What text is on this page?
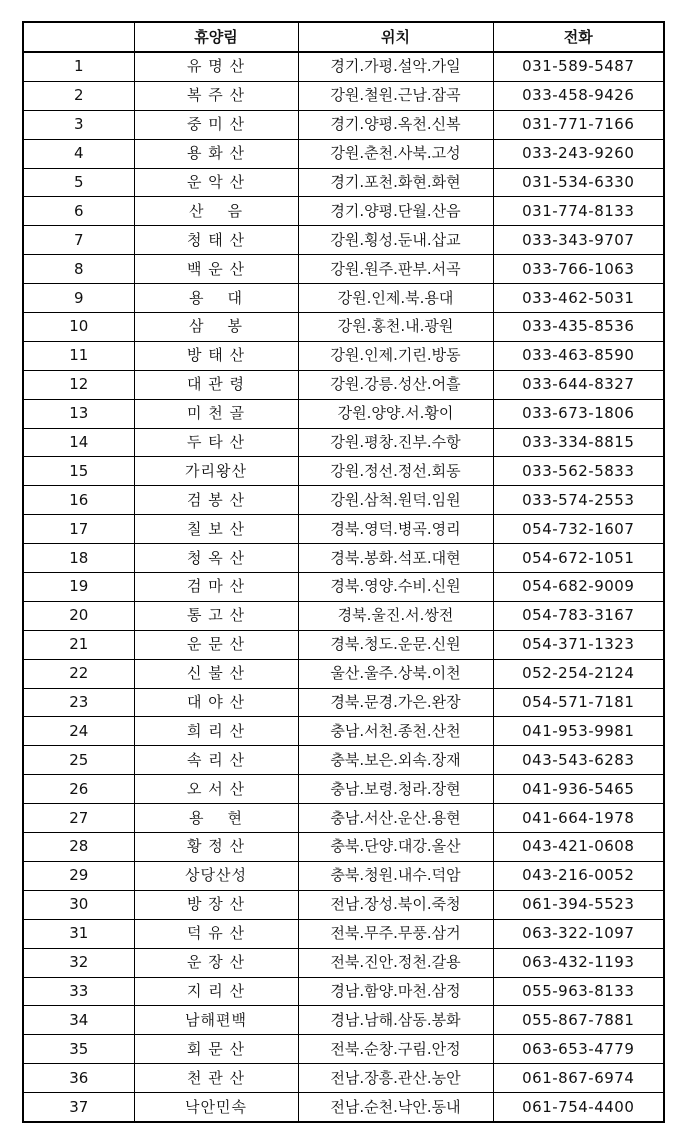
	휴양림	위치	전화
1	유 명 산	경기.가평.설악.가일	031-589-5487
2	복 주 산	강원.철원.근남.잠곡	033-458-9426
3	중 미 산	경기.양평.옥천.신복	031-771-7166
4	용 화 산	강원.춘천.사북.고성	033-243-9260
5	운 악 산	경기.포천.화현.화현	031-534-6330
6	산    음	경기.양평.단월.산음	031-774-8133
7	청 태 산	강원.횡성.둔내.삽교	033-343-9707
8	백 운 산	강원.원주.판부.서곡	033-766-1063
9	용    대	강원.인제.북.용대	033-462-5031
10	삼    봉	강원.홍천.내.광원	033-435-8536
11	방 태 산	강원.인제.기린.방동	033-463-8590
12	대 관 령	강원.강릉.성산.어흘	033-644-8327
13	미 천 골	강원.양양.서.황이	033-673-1806
14	두 타 산	강원.평창.진부.수항	033-334-8815
15	가리왕산	강원.정선.정선.회동	033-562-5833
16	검 봉 산	강원.삼척.원덕.임원	033-574-2553
17	칠 보 산	경북.영덕.병곡.영리	054-732-1607
18	청 옥 산	경북.봉화.석포.대현	054-672-1051
19	검 마 산	경북.영양.수비.신원	054-682-9009
20	통 고 산	경북.울진.서.쌍전	054-783-3167
21	운 문 산	경북.청도.운문.신원	054-371-1323
22	신 불 산	울산.울주.상북.이천	052-254-2124
23	대 야 산	경북.문경.가은.완장	054-571-7181
24	희 리 산	충남.서천.종천.산천	041-953-9981
25	속 리 산	충북.보은.외속.장재	043-543-6283
26	오 서 산	충남.보령.청라.장현	041-936-5465
27	용    현	충남.서산.운산.용현	041-664-1978
28	황 정 산	충북.단양.대강.올산	043-421-0608
29	상당산성	충북.청원.내수.덕암	043-216-0052
30	방 장 산	전남.장성.북이.죽청	061-394-5523
31	덕 유 산	전북.무주.무풍.삼거	063-322-1097
32	운 장 산	전북.진안.정천.갈용	063-432-1193
33	지 리 산	경남.함양.마천.삼정	055-963-8133
34	남해편백	경남.남해.삼동.봉화	055-867-7881
35	회 문 산	전북.순창.구림.안정	063-653-4779
36	천 관 산	전남.장흥.관산.농안	061-867-6974
37	낙안민속	전남.순천.낙안.동내	061-754-4400
